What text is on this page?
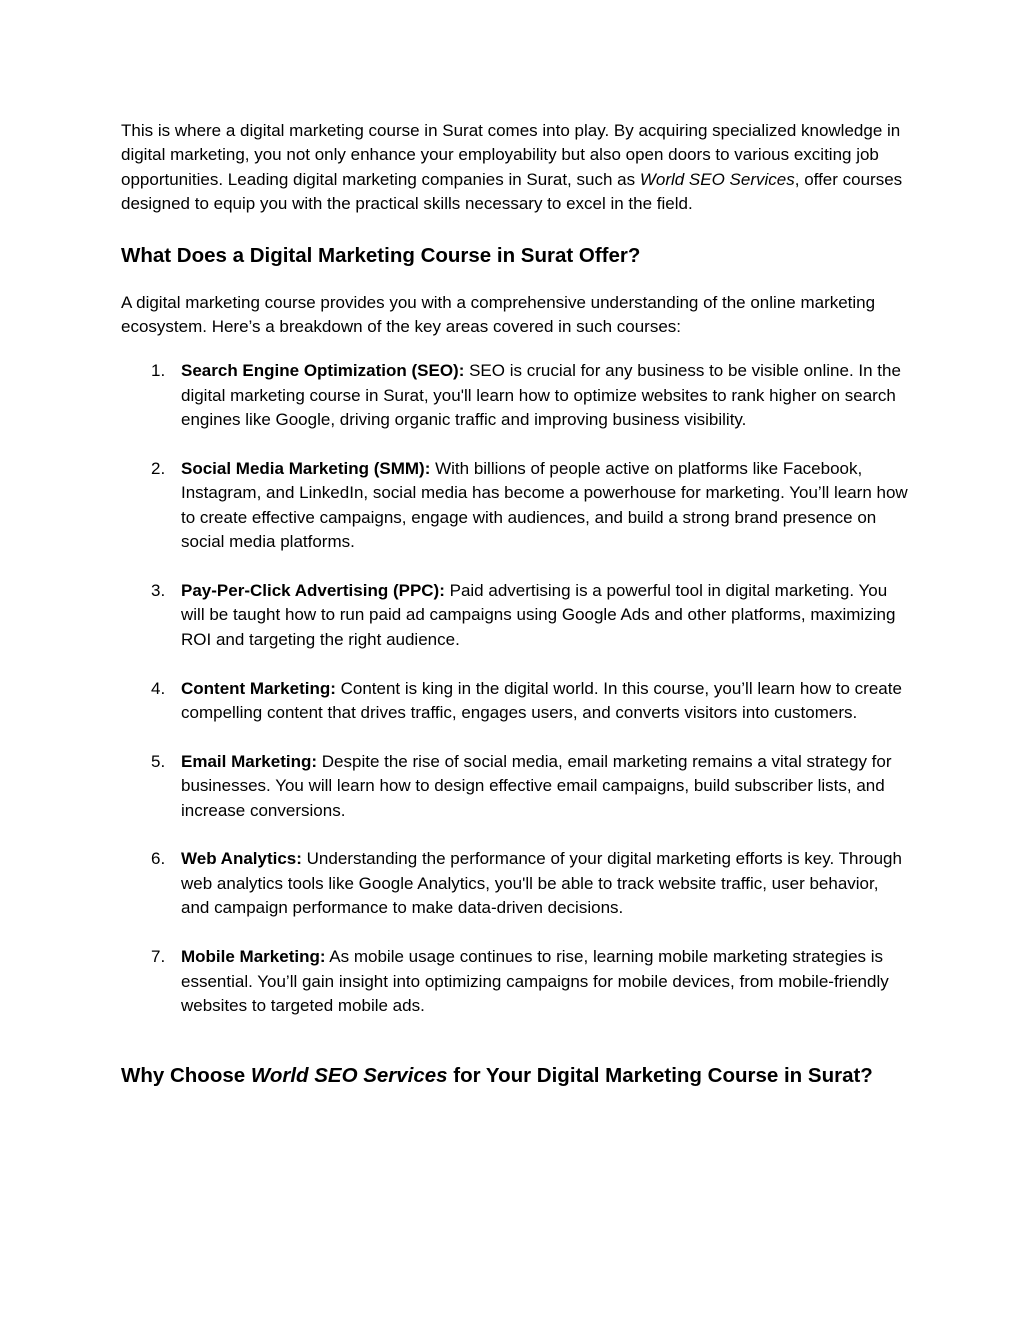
This is where a digital marketing course in Surat comes into play. By acquiring specialized knowledge in digital marketing, you not only enhance your employability but also open doors to various exciting job opportunities. Leading digital marketing companies in Surat, such as World SEO Services, offer courses designed to equip you with the practical skills necessary to excel in the field.

What Does a Digital Marketing Course in Surat Offer?

A digital marketing course provides you with a comprehensive understanding of the online marketing ecosystem. Here’s a breakdown of the key areas covered in such courses:

1. Search Engine Optimization (SEO): SEO is crucial for any business to be visible online. In the digital marketing course in Surat, you'll learn how to optimize websites to rank higher on search engines like Google, driving organic traffic and improving business visibility.
2. Social Media Marketing (SMM): With billions of people active on platforms like Facebook, Instagram, and LinkedIn, social media has become a powerhouse for marketing. You’ll learn how to create effective campaigns, engage with audiences, and build a strong brand presence on social media platforms.
3. Pay-Per-Click Advertising (PPC): Paid advertising is a powerful tool in digital marketing. You will be taught how to run paid ad campaigns using Google Ads and other platforms, maximizing ROI and targeting the right audience.
4. Content Marketing: Content is king in the digital world. In this course, you’ll learn how to create compelling content that drives traffic, engages users, and converts visitors into customers.
5. Email Marketing: Despite the rise of social media, email marketing remains a vital strategy for businesses. You will learn how to design effective email campaigns, build subscriber lists, and increase conversions.
6. Web Analytics: Understanding the performance of your digital marketing efforts is key. Through web analytics tools like Google Analytics, you'll be able to track website traffic, user behavior, and campaign performance to make data-driven decisions.
7. Mobile Marketing: As mobile usage continues to rise, learning mobile marketing strategies is essential. You’ll gain insight into optimizing campaigns for mobile devices, from mobile-friendly websites to targeted mobile ads.
Why Choose World SEO Services for Your Digital Marketing Course in Surat?
